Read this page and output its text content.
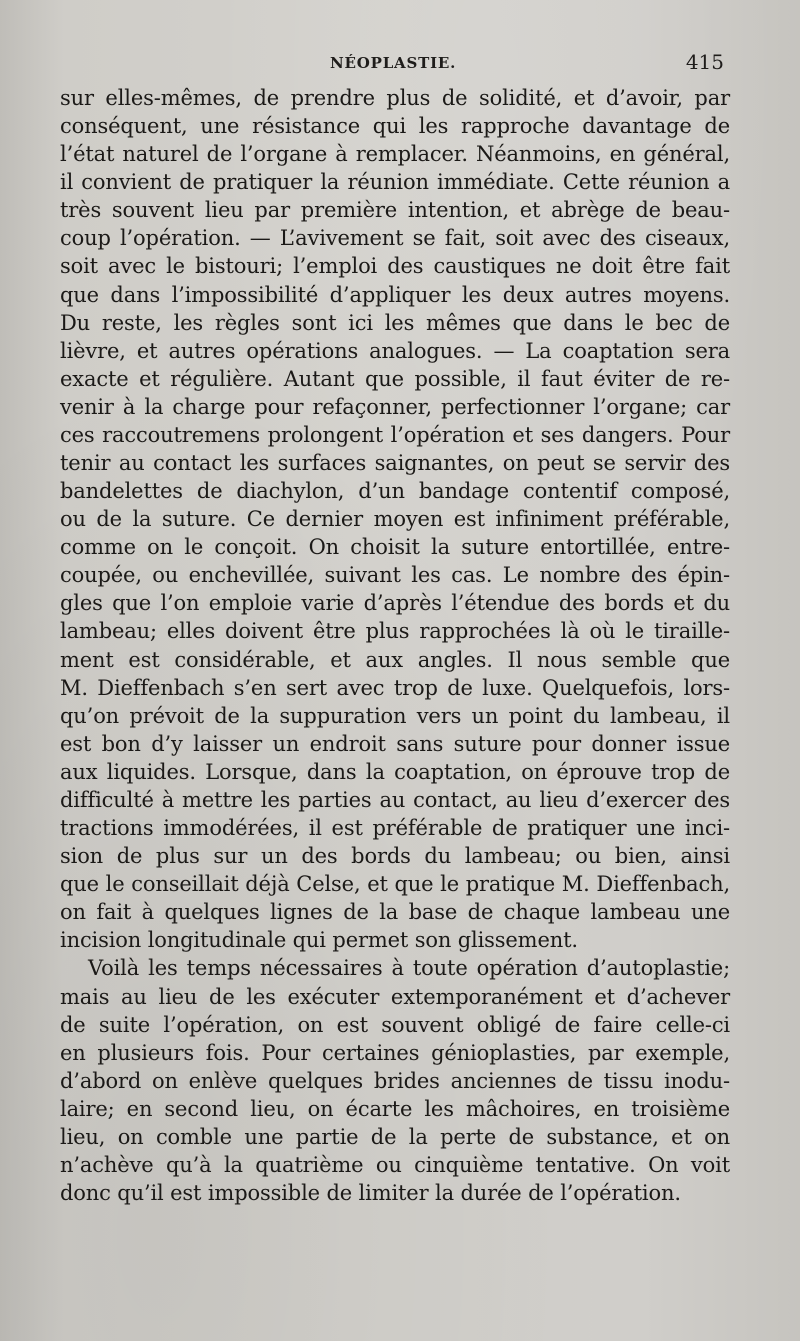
NÉOPLASTIE.	415
sur elles-mêmes, de prendre plus de solidité, et d’avoir, par
conséquent, une résistance qui les rapproche davantage de
l’état naturel de l’organe à remplacer. Néanmoins, en général,
il convient de pratiquer la réunion immédiate. Cette réunion a
très souvent lieu par première intention, et abrège de beau-
coup l’opération. — L’avivement se fait, soit avec des ciseaux,
soit avec le bistouri; l’emploi des caustiques ne doit être fait
que dans l’impossibilité d’appliquer les deux autres moyens.
Du reste, les règles sont ici les mêmes que dans le bec de
lièvre, et autres opérations analogues. — La coaptation sera
exacte et régulière. Autant que possible, il faut éviter de re-
venir à la charge pour refaçonner, perfectionner l’organe; car
ces raccoutremens prolongent l’opération et ses dangers. Pour
tenir au contact les surfaces saignantes, on peut se servir des
bandelettes de diachylon, d’un bandage contentif composé,
ou de la suture. Ce dernier moyen est infiniment préférable,
comme on le conçoit. On choisit la suture entortillée, entre-
coupée, ou enchevillée, suivant les cas. Le nombre des épin-
gles que l’on emploie varie d’après l’étendue des bords et du
lambeau; elles doivent être plus rapprochées là où le tiraille-
ment est considérable, et aux angles. Il nous semble que
M. Dieffenbach s’en sert avec trop de luxe. Quelquefois, lors-
qu’on prévoit de la suppuration vers un point du lambeau, il
est bon d’y laisser un endroit sans suture pour donner issue
aux liquides. Lorsque, dans la coaptation, on éprouve trop de
difficulté à mettre les parties au contact, au lieu d’exercer des
tractions immodérées, il est préférable de pratiquer une inci-
sion de plus sur un des bords du lambeau; ou bien, ainsi
que le conseillait déjà Celse, et que le pratique M. Dieffenbach,
on fait à quelques lignes de la base de chaque lambeau une
incision longitudinale qui permet son glissement.
Voilà les temps nécessaires à toute opération d’autoplastie;
mais au lieu de les exécuter extemporanément et d’achever
de suite l’opération, on est souvent obligé de faire celle-ci
en plusieurs fois. Pour certaines génioplasties, par exemple,
d’abord on enlève quelques brides anciennes de tissu inodu-
laire; en second lieu, on écarte les mâchoires, en troisième
lieu, on comble une partie de la perte de substance, et on
n’achève qu’à la quatrième ou cinquième tentative. On voit
donc qu’il est impossible de limiter la durée de l’opération.
